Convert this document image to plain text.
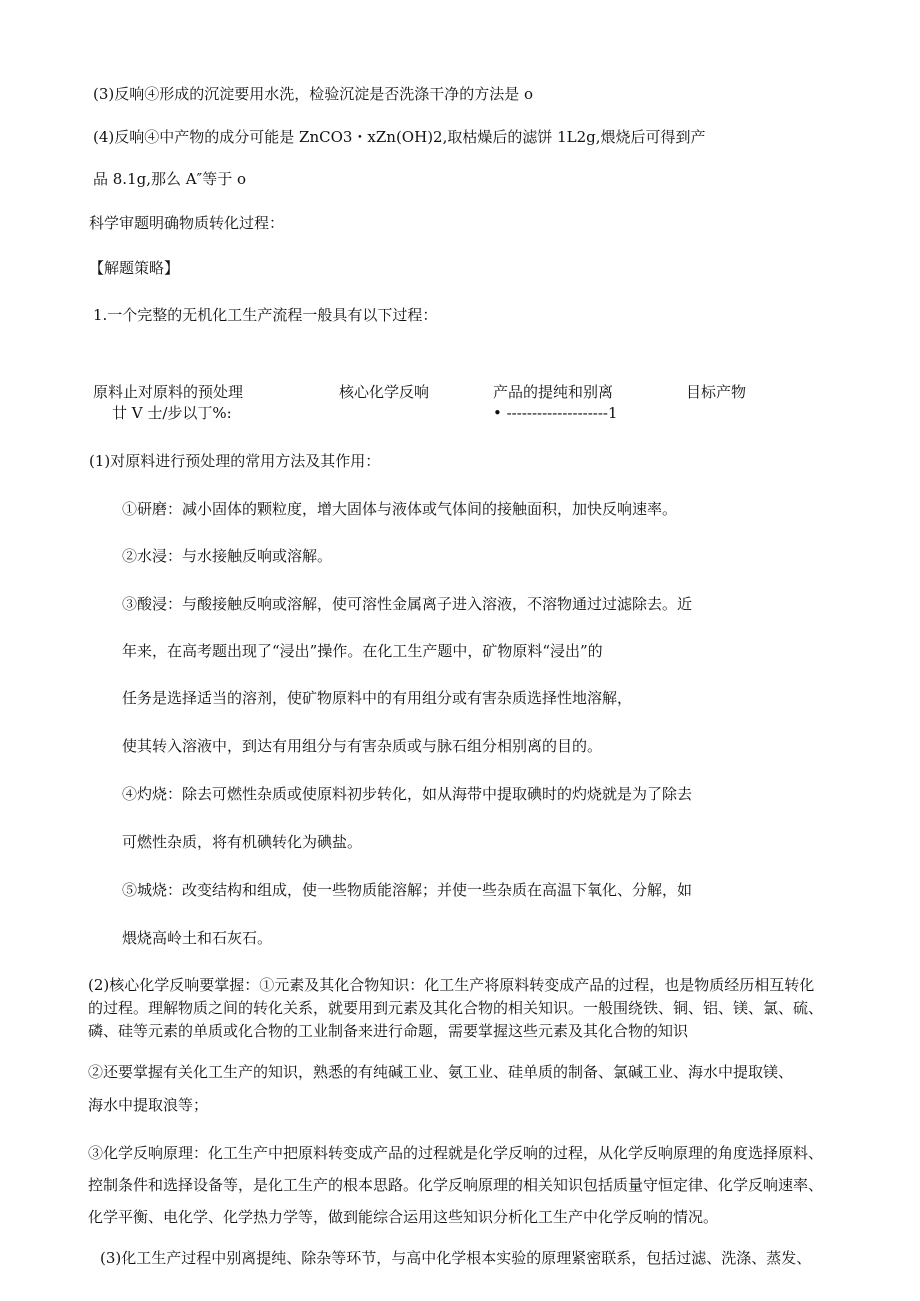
(3)反响④形成的沉淀要用水洗，检验沉淀是否洗涤干净的方法是 o
(4)反响④中产物的成分可能是 ZnCO3・xZn(OH)2,取枯燥后的滤饼 1L2g,煨烧后可得到产
品 8.1g,那么 A″等于 o
科学审题明确物质转化过程：
【解题策略】
1.一个完整的无机化工生产流程一般具有以下过程：
原料止对原料的预处理	核心化学反响	产品的提纯和别离	目标产物
廿 V 士/步以丁%:	• --------------------1
(1)对原料进行预处理的常用方法及其作用：
①研磨：减小固体的颗粒度，增大固体与液体或气体间的接触面积，加快反响速率。
②水浸：与水接触反响或溶解。
③酸浸：与酸接触反响或溶解，使可溶性金属离子进入溶液，不溶物通过过滤除去。近
年来，在高考题出现了“浸出”操作。在化工生产题中，矿物原料“浸出”的
任务是选择适当的溶剂，使矿物原料中的有用组分或有害杂质选择性地溶解，
使其转入溶液中，到达有用组分与有害杂质或与脉石组分相别离的目的。
④灼烧：除去可燃性杂质或使原料初步转化，如从海带中提取碘时的灼烧就是为了除去
可燃性杂质，将有机碘转化为碘盐。
⑤城烧：改变结构和组成，使一些物质能溶解；并使一些杂质在高温下氧化、分解，如
煨烧高岭土和石灰石。
(2)核心化学反响要掌握：①元素及其化合物知识：化工生产将原料转变成产品的过程，也是物质经历相互转化的过程。理解物质之间的转化关系，就要用到元素及其化合物的相关知识。一般围绕铁、铜、铝、镁、氯、硫、磷、硅等元素的单质或化合物的工业制备来进行命题，需要掌握这些元素及其化合物的知识
②还要掌握有关化工生产的知识，熟悉的有纯碱工业、氨工业、硅单质的制备、氯碱工业、海水中提取镁、
海水中提取浪等；
③化学反响原理：化工生产中把原料转变成产品的过程就是化学反响的过程，从化学反响原理的角度选择原料、控制条件和选择设备等，是化工生产的根本思路。化学反响原理的相关知识包括质量守恒定律、化学反响速率、化学平衡、电化学、化学热力学等，做到能综合运用这些知识分析化工生产中化学反响的情况。
(3)化工生产过程中别离提纯、除杂等环节，与高中化学根本实验的原理紧密联系，包括过滤、洗涤、蒸发、
